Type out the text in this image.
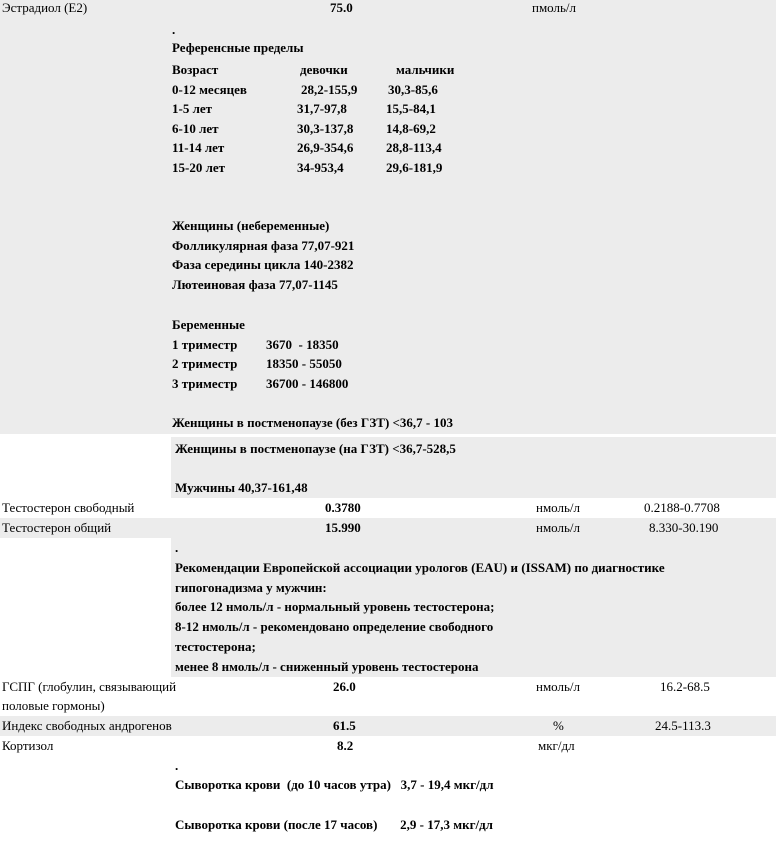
Эстрадиол (E2)	75.0	пмоль/л
.
Референсные пределы
Возраст	девочки	мальчики
0-12 месяцев	28,2-155,9 30,3-85,6
1-5 лет	31,7-97,8	15,5-84,1
6-10 лет	30,3-137,8	14,8-69,2
11-14 лет	26,9-354,6	28,8-113,4
15-20 лет	34-953,4	29,6-181,9
Женщины (небеременные)
Фолликулярная фаза 77,07-921
Фаза середины цикла 140-2382
Лютеиновая фаза 77,07-1145
Беременные
1 триместр 3670  - 18350
2 триместр 18350 - 55050
3 триместр 36700 - 146800
Женщины в постменопаузе (без ГЗТ) <36,7 - 103
Женщины в постменопаузе (на ГЗТ) <36,7-528,5
Мужчины 40,37-161,48
Тестостерон свободный	0.3780	нмоль/л	0.2188-0.7708
Тестостерон общий	15.990	нмоль/л	8.330-30.190
.
Рекомендации Европейской ассоциации урологов (EAU) и (ISSAM) по диагностике
гипогонадизма у мужчин:
более 12 нмоль/л - нормальный уровень тестостерона;
8-12 нмоль/л - рекомендовано определение свободного
тестостерона;
менее 8 нмоль/л - сниженный уровень тестостерона
ГСПГ (глобулин, связывающий
половые гормоны)
26.0	нмоль/л	16.2-68.5
Индекс свободных андрогенов	61.5	%	24.5-113.3
Кортизол	8.2	мкг/дл
.
Сыворотка крови  (до 10 часов утра)   3,7 - 19,4 мкг/дл
Сыворотка крови (после 17 часов)       2,9 - 17,3 мкг/дл
